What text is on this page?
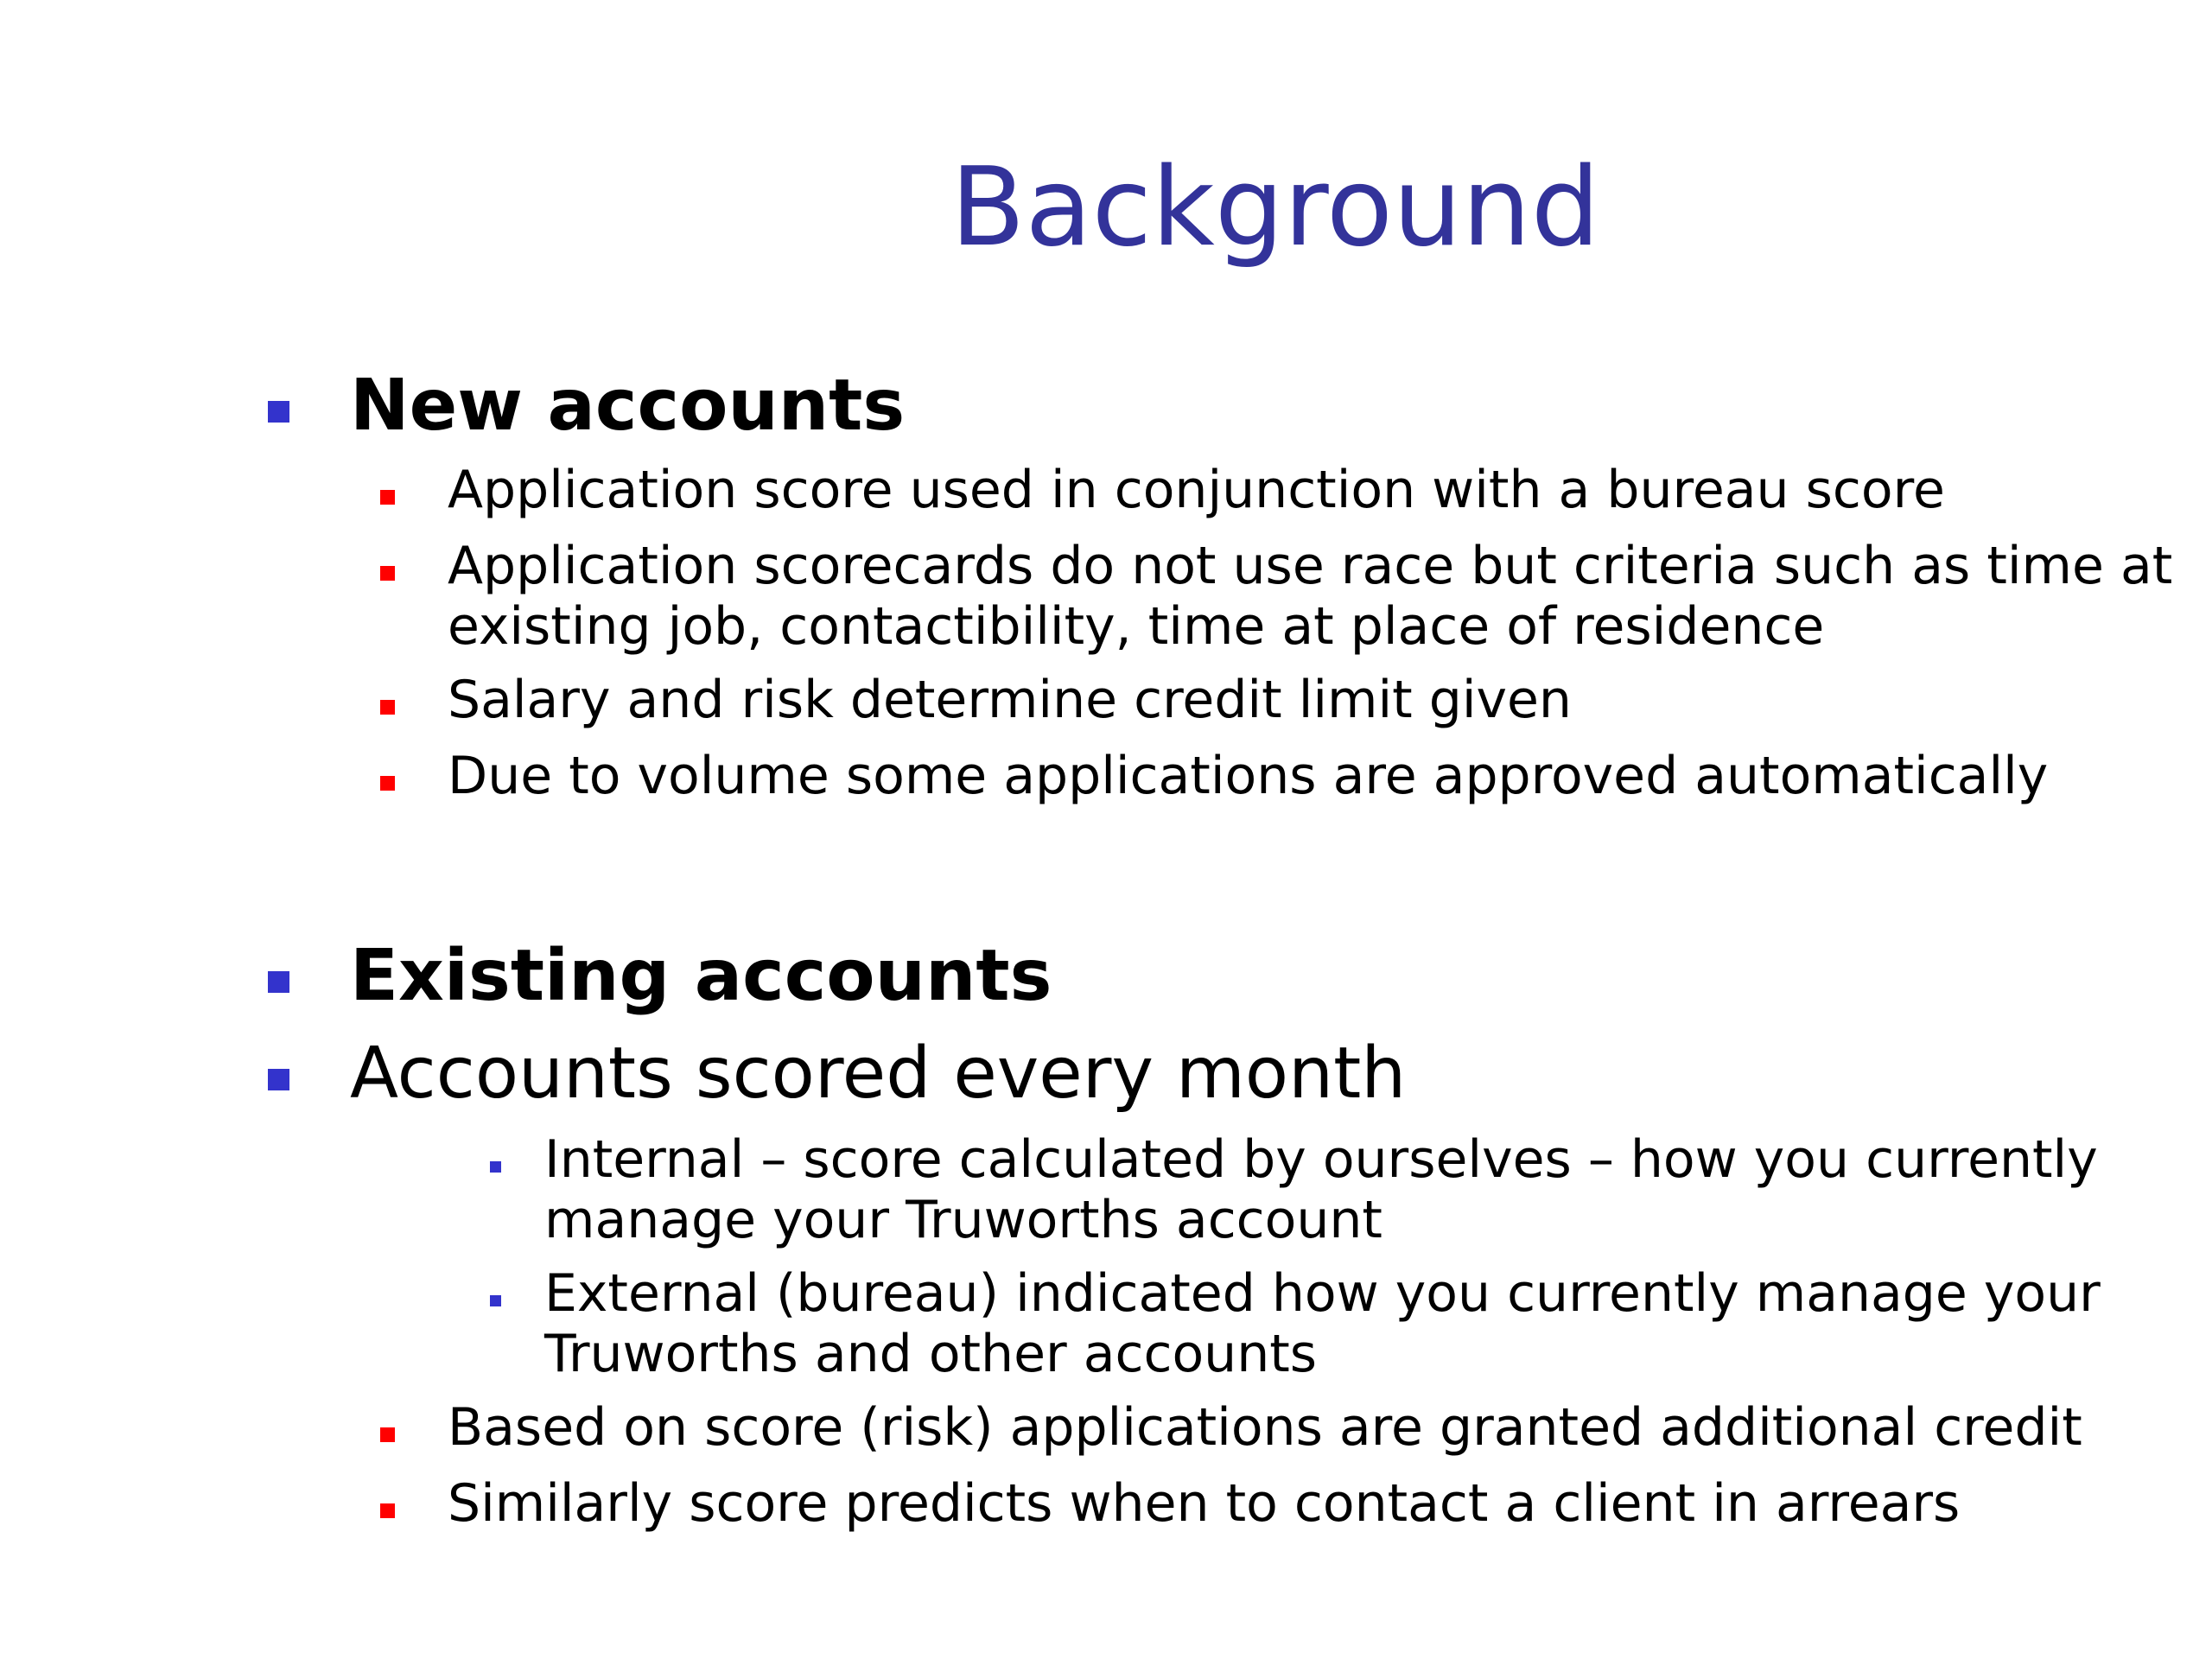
Background
New accounts
Application score used in conjunction with a bureau score
Application scorecards do not use race but criteria such as time at
existing job, contactibility, time at place of residence
Salary and risk determine credit limit given
Due to volume some applications are approved automatically
Existing accounts
Accounts scored every month
Internal – score calculated by ourselves – how you currently
manage your Truworths account
External (bureau) indicated how you currently manage your
Truworths and other accounts
Based on score (risk) applications are granted additional credit
Similarly score predicts when to contact a client in arrears
